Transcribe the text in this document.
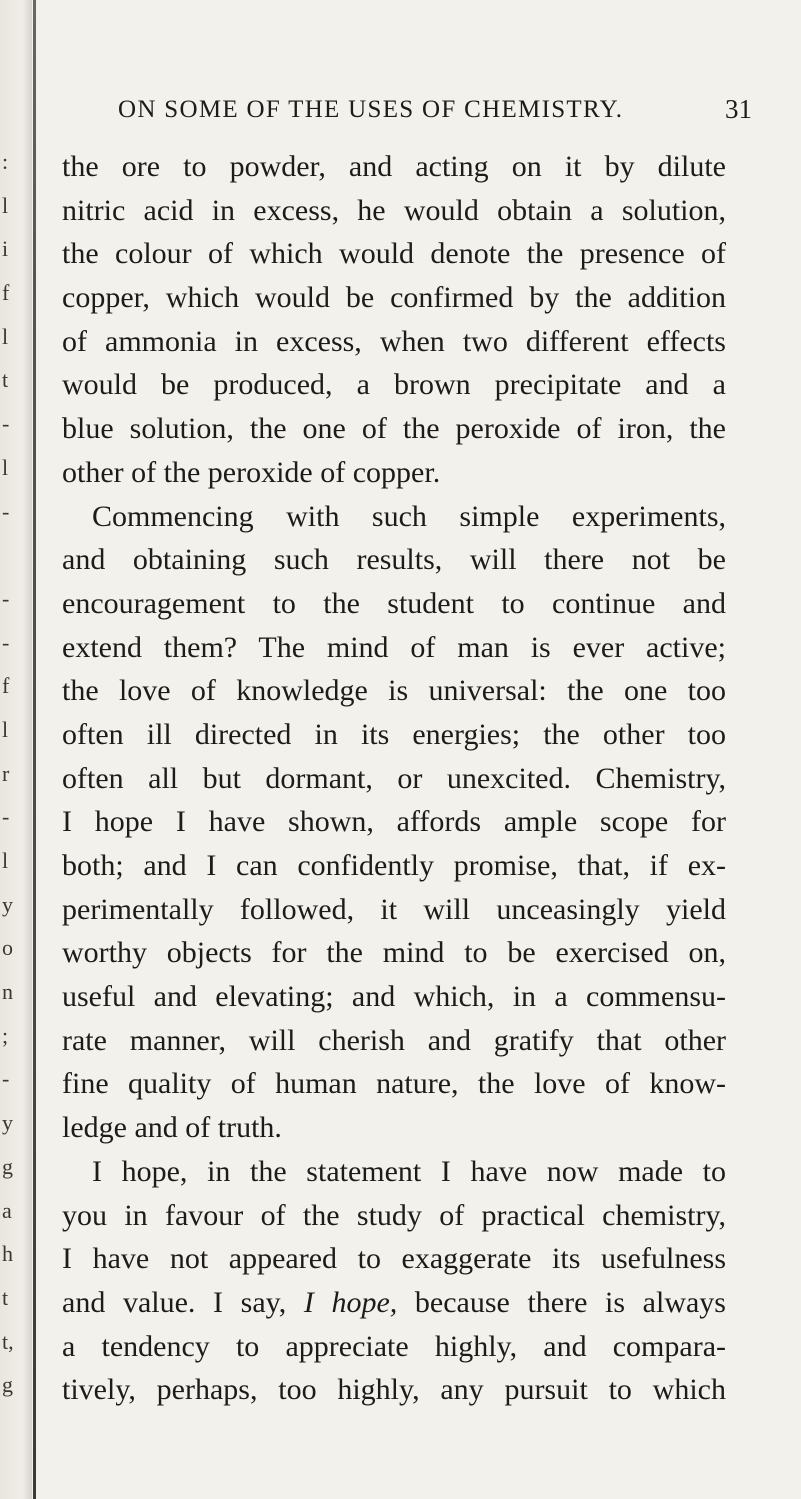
:
l
i
f
l
t
-
l
-
-
-
f
l
r
-
l
y
o
n
;
-
y
g
a
h
t
t,
g
ON SOME OF THE USES OF CHEMISTRY.	31
the ore to powder, and acting on it by dilute
nitric acid in excess, he would obtain a solution,
the colour of which would denote the presence of
copper, which would be confirmed by the addition
of ammonia in excess, when two different effects
would be produced, a brown precipitate and a
blue solution, the one of the peroxide of iron, the
other of the peroxide of copper.
Commencing with such simple experiments,
and obtaining such results, will there not be
encouragement to the student to continue and
extend them? The mind of man is ever active;
the love of knowledge is universal: the one too
often ill directed in its energies; the other too
often all but dormant, or unexcited. Chemistry,
I hope I have shown, affords ample scope for
both; and I can confidently promise, that, if ex-
perimentally followed, it will unceasingly yield
worthy objects for the mind to be exercised on,
useful and elevating; and which, in a commensu-
rate manner, will cherish and gratify that other
fine quality of human nature, the love of know-
ledge and of truth.
I hope, in the statement I have now made to
you in favour of the study of practical chemistry,
I have not appeared to exaggerate its usefulness
and value. I say, I hope, because there is always
a tendency to appreciate highly, and compara-
tively, perhaps, too highly, any pursuit to which
